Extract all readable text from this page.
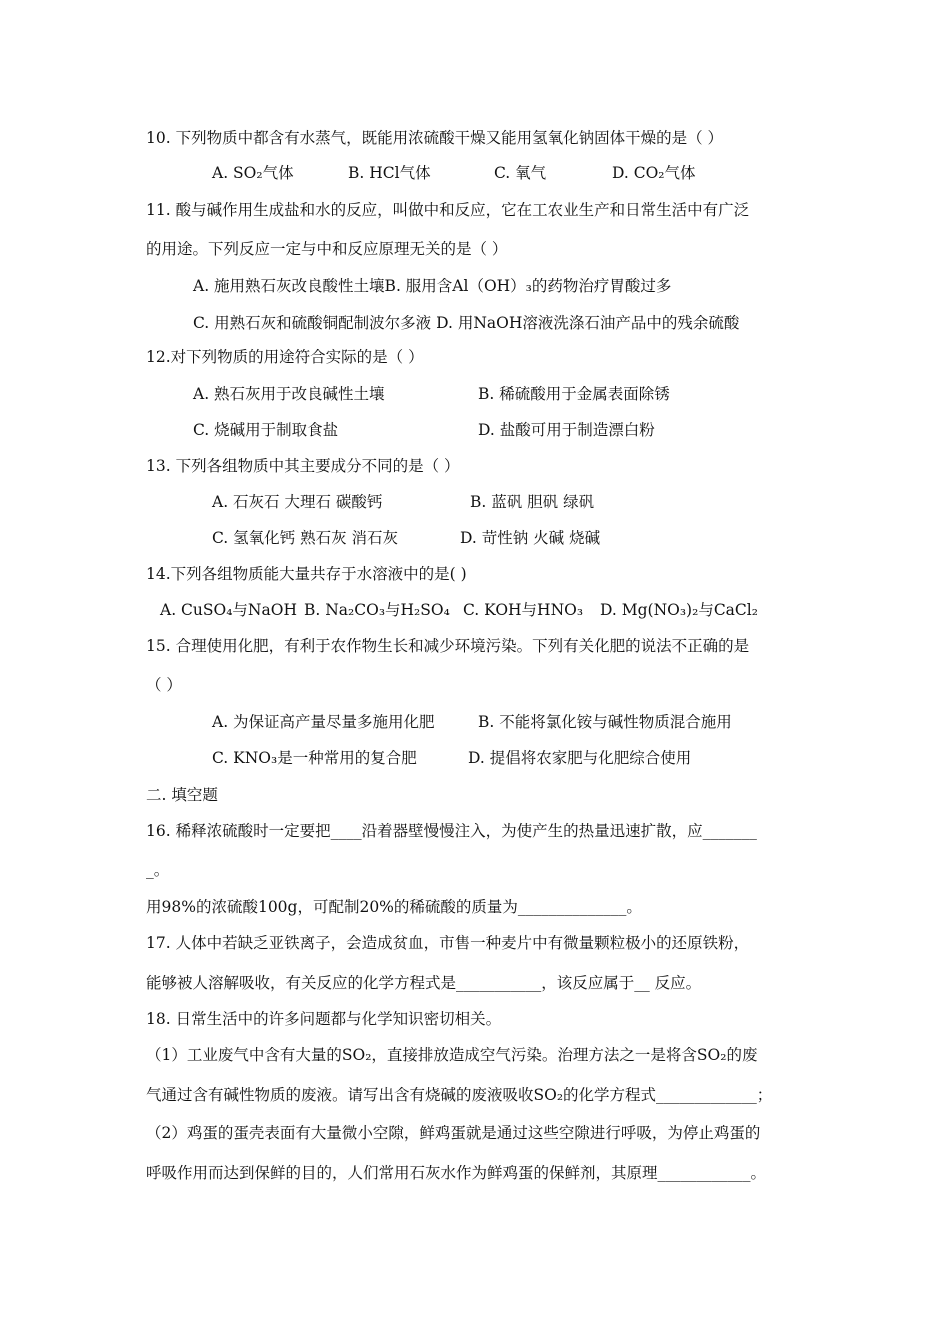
10. 下列物质中都含有水蒸气，既能用浓硫酸干燥又能用氢氧化钠固体干燥的是（ ）
A. SO₂气体	B. HCl气体	C. 氧气	D. CO₂气体
11. 酸与碱作用生成盐和水的反应，叫做中和反应，它在工农业生产和日常生活中有广泛
的用途。下列反应一定与中和反应原理无关的是（ ）
A. 施用熟石灰改良酸性土壤B. 服用含Al（OH）₃的药物治疗胃酸过多
C. 用熟石灰和硫酸铜配制波尔多液 D. 用NaOH溶液洗涤石油产品中的残余硫酸
12.对下列物质的用途符合实际的是（ ）
A. 熟石灰用于改良碱性土壤	B. 稀硫酸用于金属表面除锈
C. 烧碱用于制取食盐	D. 盐酸可用于制造漂白粉
13. 下列各组物质中其主要成分不同的是（ ）
A. 石灰石 大理石 碳酸钙	B. 蓝矾 胆矾 绿矾
C. 氢氧化钙 熟石灰 消石灰	D. 苛性钠 火碱 烧碱
14.下列各组物质能大量共存于水溶液中的是( )
A. CuSO₄与NaOH B. Na₂CO₃与H₂SO₄ C. KOH与HNO₃ D. Mg(NO₃)₂与CaCl₂
15. 合理使用化肥，有利于农作物生长和减少环境污染。下列有关化肥的说法不正确的是
（ ）
A. 为保证高产量尽量多施用化肥	B. 不能将氯化铵与碱性物质混合施用
C. KNO₃是一种常用的复合肥	D. 提倡将农家肥与化肥综合使用
二. 填空题
16. 稀释浓硫酸时一定要把____沿着器壁慢慢注入，为使产生的热量迅速扩散，应_______
_。
用98%的浓硫酸100g，可配制20%的稀硫酸的质量为______________。
17. 人体中若缺乏亚铁离子，会造成贫血，市售一种麦片中有微量颗粒极小的还原铁粉，
能够被人溶解吸收，有关反应的化学方程式是___________，该反应属于__ 反应。
18. 日常生活中的许多问题都与化学知识密切相关。
（1）工业废气中含有大量的SO₂，直接排放造成空气污染。治理方法之一是将含SO₂的废
气通过含有碱性物质的废液。请写出含有烧碱的废液吸收SO₂的化学方程式_____________；
（2）鸡蛋的蛋壳表面有大量微小空隙，鲜鸡蛋就是通过这些空隙进行呼吸，为停止鸡蛋的
呼吸作用而达到保鲜的目的，人们常用石灰水作为鲜鸡蛋的保鲜剂，其原理____________。
